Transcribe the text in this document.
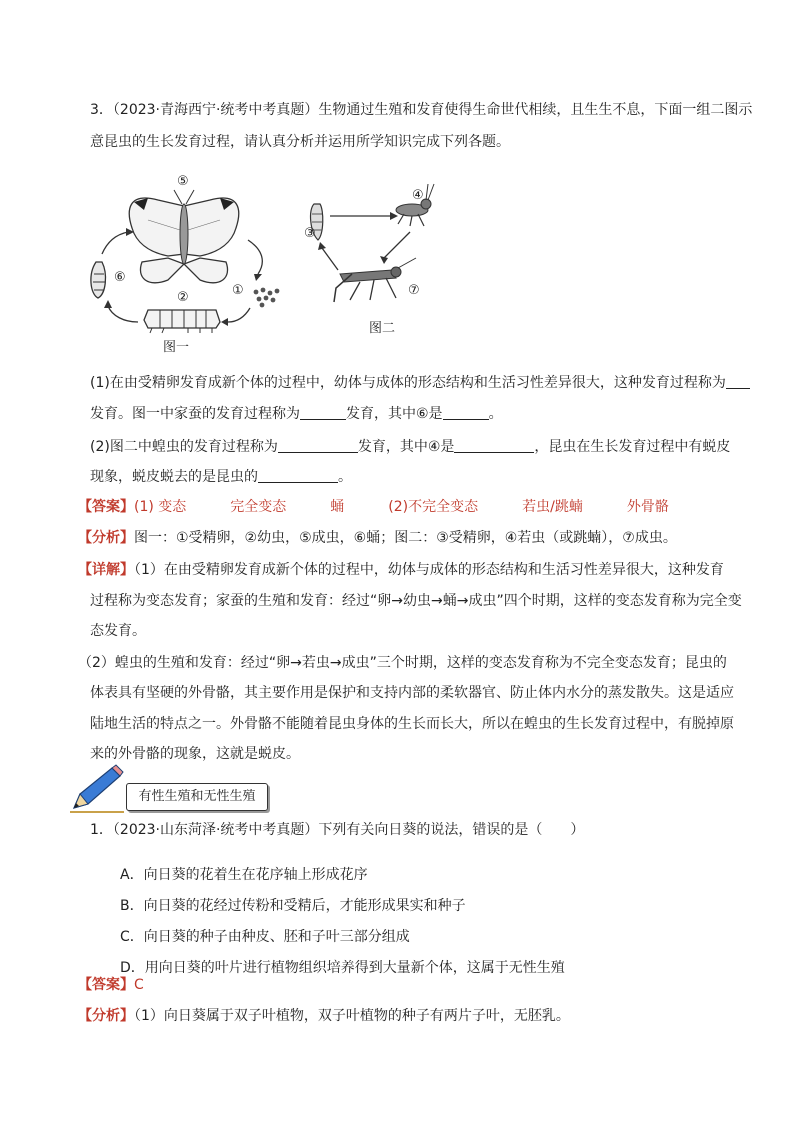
3．（2023·青海西宁·统考中考真题）生物通过生殖和发育使得生命世代相续，且生生不息，下面一组二图示

意昆虫的生长发育过程，请认真分析并运用所学知识完成下列各题。

⑤
⑥
②	①
图一
④
③
⑦
图二

(1)在由受精卵发育成新个体的过程中，幼体与成体的形态结构和生活习性差异很大，这种发育过程称为

发育。图一中家蚕的发育过程称为	发育，其中⑥是	。

(2)图二中蝗虫的发育过程称为	发育，其中④是	，昆虫在生长发育过程中有蜕皮

现象，蜕皮蜕去的是昆虫的	。

【答案】(1) 变态	完全变态	蛹	(2)不完全变态	若虫/跳蝻	外骨骼

【分析】图一：①受精卵，②幼虫，⑤成虫，⑥蛹；图二：③受精卵，④若虫（或跳蝻），⑦成虫。

【详解】（1）在由受精卵发育成新个体的过程中，幼体与成体的形态结构和生活习性差异很大，这种发育

过程称为变态发育；家蚕的生殖和发育：经过“卵→幼虫→蛹→成虫”四个时期，这样的变态发育称为完全变

态发育。

（2）蝗虫的生殖和发育：经过“卵→若虫→成虫”三个时期，这样的变态发育称为不完全变态发育；昆虫的

体表具有坚硬的外骨骼，其主要作用是保护和支持内部的柔软器官、防止体内水分的蒸发散失。这是适应

陆地生活的特点之一。外骨骼不能随着昆虫身体的生长而长大，所以在蝗虫的生长发育过程中，有脱掉原

来的外骨骼的现象，这就是蜕皮。

有性生殖和无性生殖

1．（2023·山东菏泽·统考中考真题）下列有关向日葵的说法，错误的是（　　）

A．向日葵的花着生在花序轴上形成花序

B．向日葵的花经过传粉和受精后，才能形成果实和种子

C．向日葵的种子由种皮、胚和子叶三部分组成

D．用向日葵的叶片进行植物组织培养得到大量新个体，这属于无性生殖

【答案】C

【分析】（1）向日葵属于双子叶植物，双子叶植物的种子有两片子叶，无胚乳。
